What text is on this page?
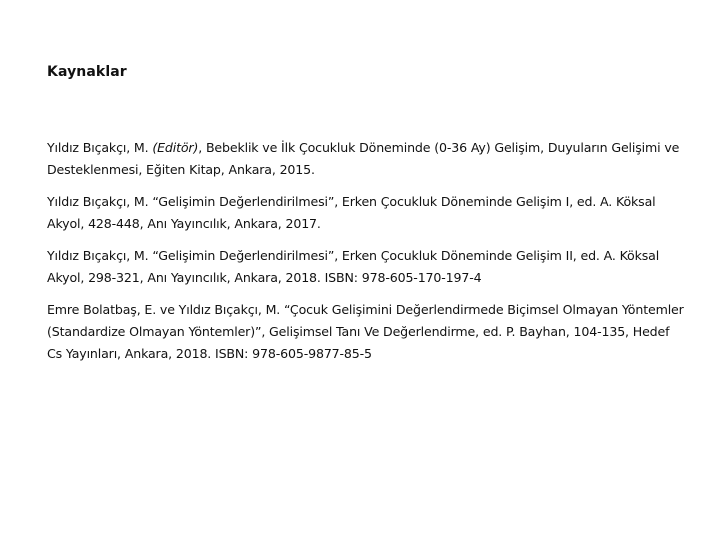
Kaynaklar

Yıldız Bıçakçı, M. (Editör), Bebeklik ve İlk Çocukluk Döneminde (0-36 Ay) Gelişim, Duyuların Gelişimi ve Desteklenmesi, Eğiten Kitap, Ankara, 2015.

Yıldız Bıçakçı, M. “Gelişimin Değerlendirilmesi”, Erken Çocukluk Döneminde Gelişim I, ed. A. Köksal Akyol, 428-448, Anı Yayıncılık, Ankara, 2017.

Yıldız Bıçakçı, M. “Gelişimin Değerlendirilmesi”, Erken Çocukluk Döneminde Gelişim II, ed. A. Köksal Akyol, 298-321, Anı Yayıncılık, Ankara, 2018. ISBN: 978-605-170-197-4

Emre Bolatbaş, E. ve Yıldız Bıçakçı, M. “Çocuk Gelişimini Değerlendirmede Biçimsel Olmayan Yöntemler (Standardize Olmayan Yöntemler)”, Gelişimsel Tanı Ve Değerlendirme, ed. P. Bayhan, 104-135, Hedef Cs Yayınları, Ankara, 2018. ISBN: 978-605-9877-85-5
